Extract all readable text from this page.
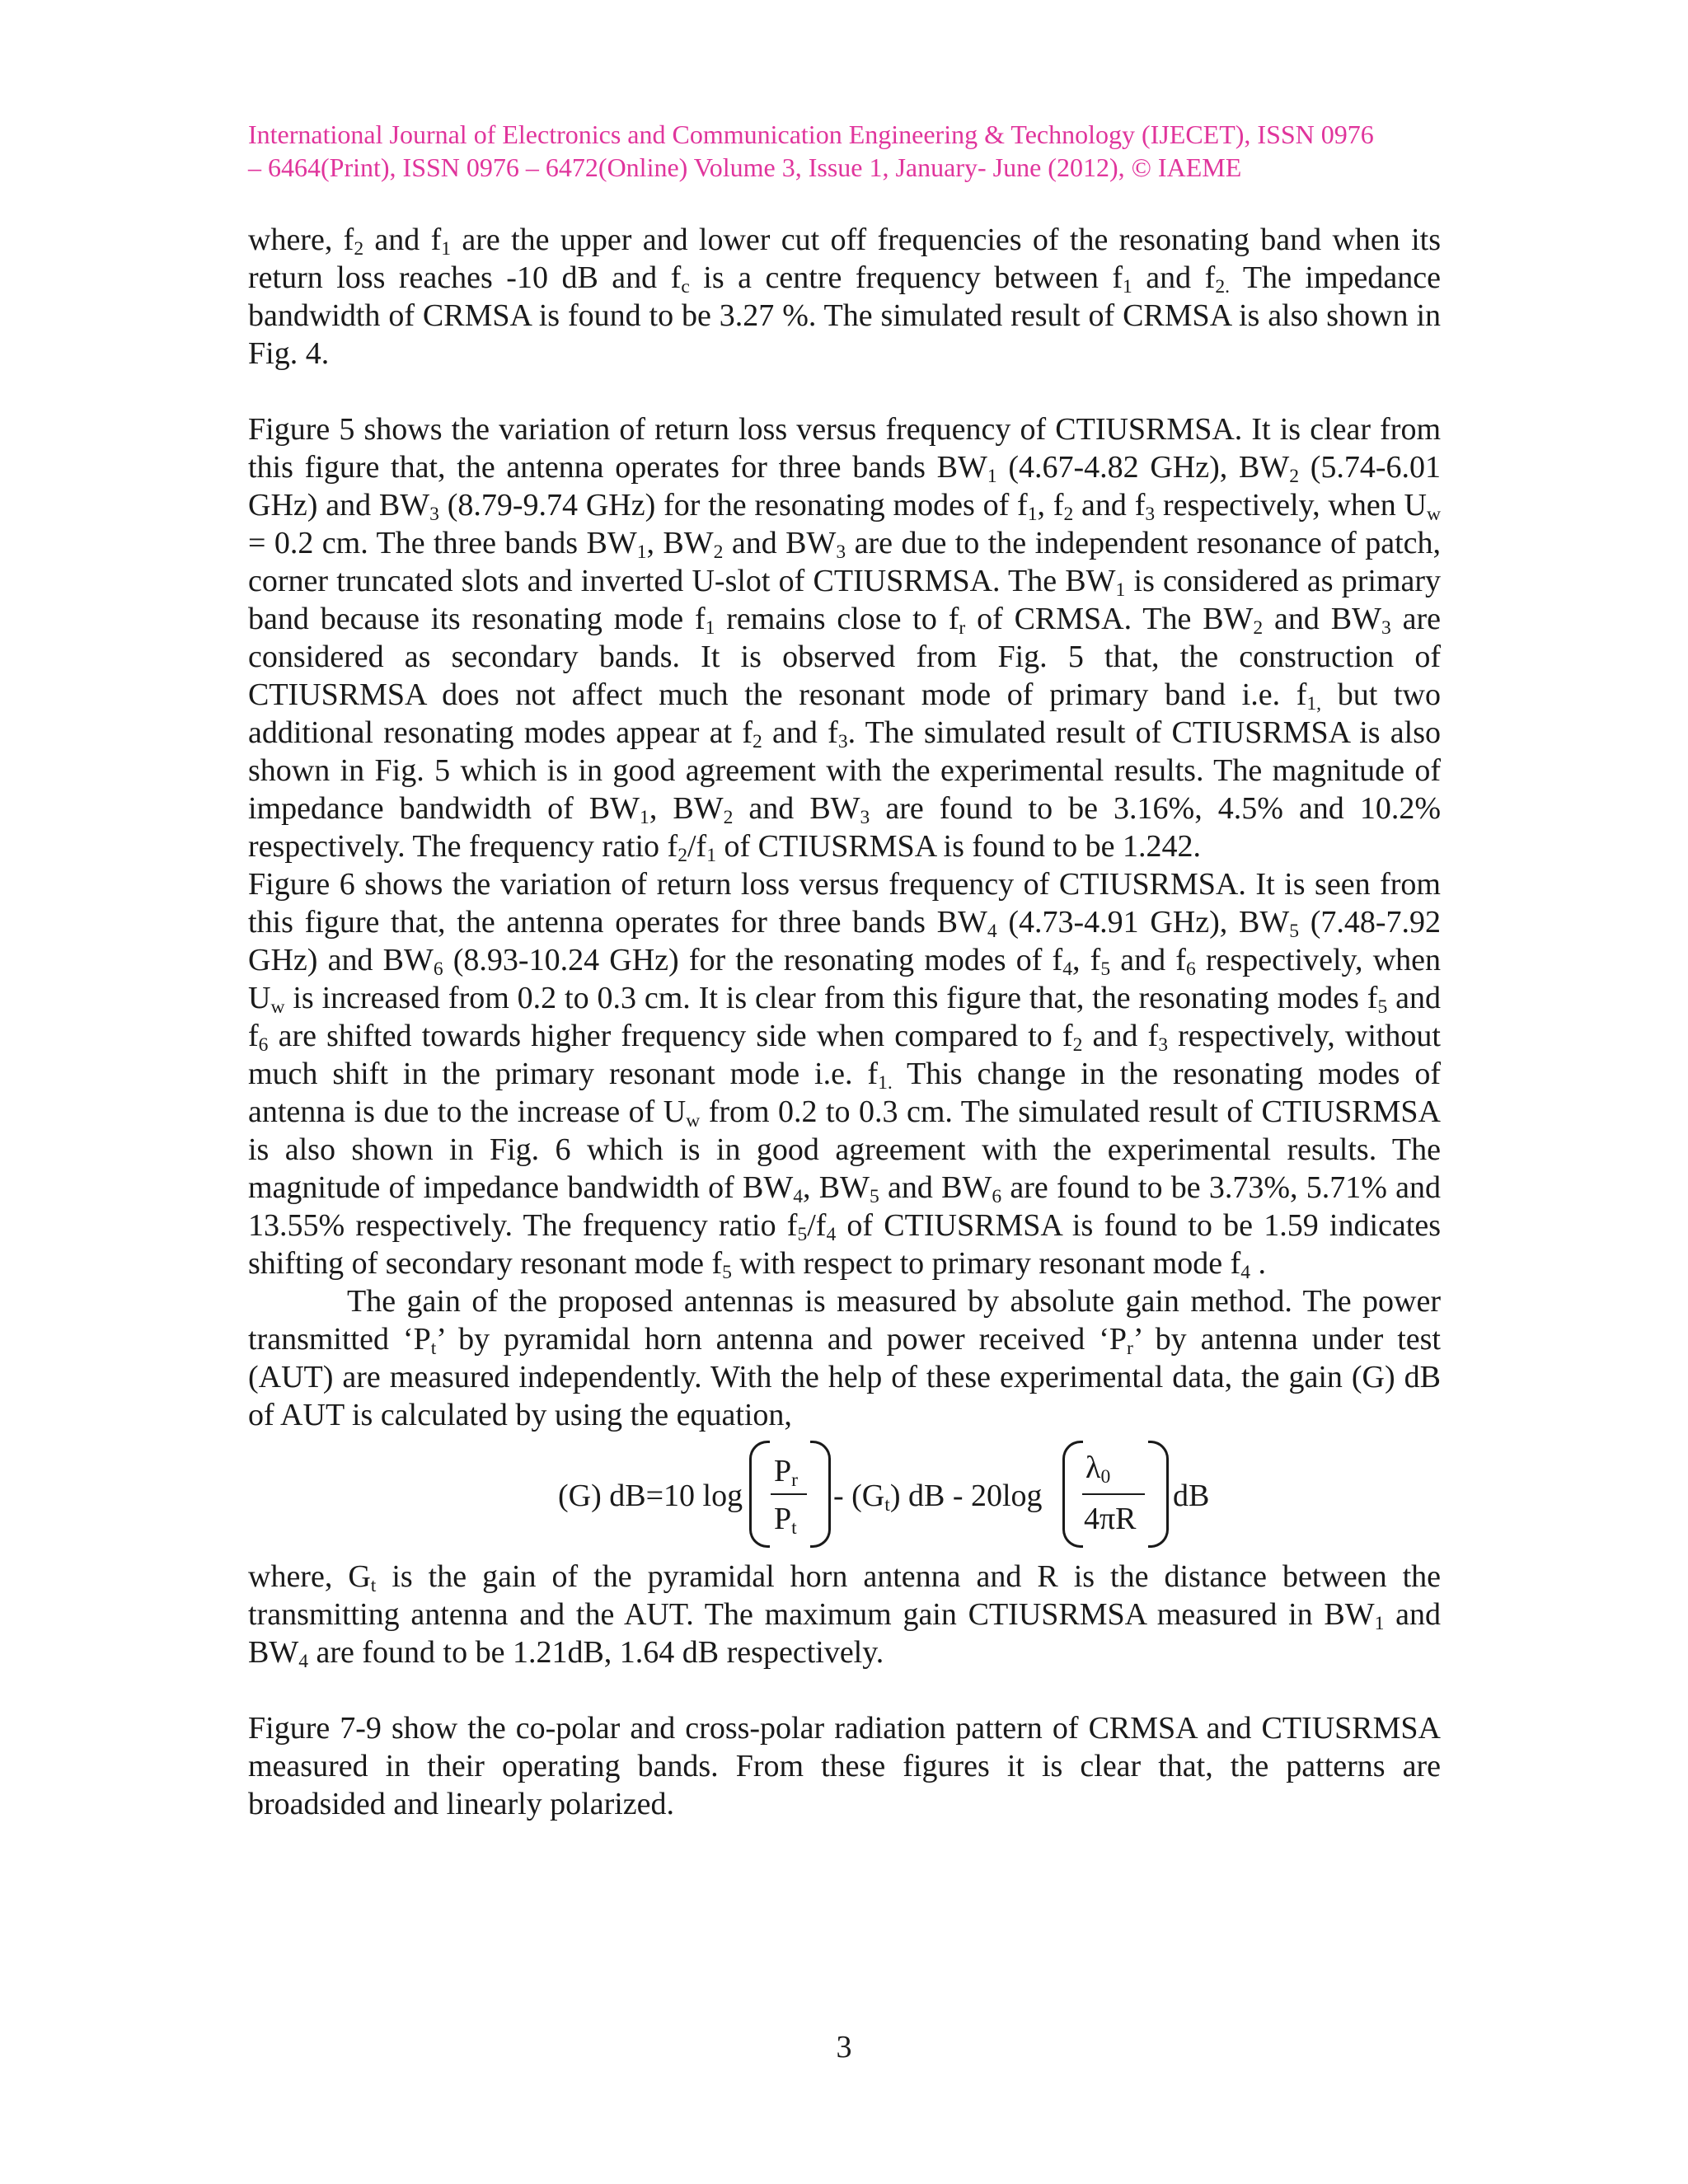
International Journal of Electronics and Communication Engineering & Technology (IJECET), ISSN 0976
– 6464(Print), ISSN 0976 – 6472(Online) Volume 3, Issue 1, January- June (2012), © IAEME

where, $f_2$ and $f_1$ are the upper and lower cut off frequencies of the resonating band when its return loss reaches -10 dB and $f_c$ is a centre frequency between $f_1$ and $f_{2.}$ The impedance bandwidth of CRMSA is found to be 3.27 %. The simulated result of CRMSA is also shown in Fig. 4.

Figure 5 shows the variation of return loss versus frequency of CTIUSRMSA. It is clear from this figure that, the antenna operates for three bands $BW_1$ (4.67-4.82 GHz), $BW_2$ (5.74-6.01 GHz) and $BW_3$ (8.79-9.74 GHz) for the resonating modes of $f_1$, $f_2$ and $f_3$ respectively, when $U_w = 0.2$ cm. The three bands $BW_1$, $BW_2$ and $BW_3$ are due to the independent resonance of patch, corner truncated slots and inverted U-slot of CTIUSRMSA. The $BW_1$ is considered as primary band because its resonating mode $f_1$ remains close to $f_r$ of CRMSA. The $BW_2$ and $BW_3$ are considered as secondary bands. It is observed from Fig. 5 that, the construction of CTIUSRMSA does not affect much the resonant mode of primary band i.e. $f_{1,}$ but two additional resonating modes appear at $f_2$ and $f_3$. The simulated result of CTIUSRMSA is also shown in Fig. 5 which is in good agreement with the experimental results. The magnitude of impedance bandwidth of $BW_1$, $BW_2$ and $BW_3$ are found to be 3.16%, 4.5% and 10.2% respectively. The frequency ratio $f_2/f_1$ of CTIUSRMSA is found to be 1.242.

Figure 6 shows the variation of return loss versus frequency of CTIUSRMSA. It is seen from this figure that, the antenna operates for three bands $BW_4$ (4.73-4.91 GHz), $BW_5$ (7.48-7.92 GHz) and $BW_6$ (8.93-10.24 GHz) for the resonating modes of $f_4$, $f_5$ and $f_6$ respectively, when $U_w$ is increased from 0.2 to 0.3 cm. It is clear from this figure that, the resonating modes $f_5$ and $f_6$ are shifted towards higher frequency side when compared to $f_2$ and $f_3$ respectively, without much shift in the primary resonant mode i.e. $f_{1.}$ This change in the resonating modes of antenna is due to the increase of $U_w$ from 0.2 to 0.3 cm. The simulated result of CTIUSRMSA is also shown in Fig. 6 which is in good agreement with the experimental results. The magnitude of impedance bandwidth of $BW_4$, $BW_5$ and $BW_6$ are found to be 3.73%, 5.71% and 13.55% respectively. The frequency ratio $f_5/f_4$ of CTIUSRMSA is found to be 1.59 indicates shifting of secondary resonant mode $f_5$ with respect to primary resonant mode $f_4$ .

The gain of the proposed antennas is measured by absolute gain method. The power transmitted ‘$P_t$’ by pyramidal horn antenna and power received ‘$P_r$’ by antenna under test (AUT) are measured independently. With the help of these experimental data, the gain (G) dB of AUT is calculated by using the equation,

(G) dB=10 log
$P_r$
$P_t$
- $(G_t)$ dB - 20log
$\lambda_0$
4πR
dB

where, $G_t$ is the gain of the pyramidal horn antenna and R is the distance between the transmitting antenna and the AUT. The maximum gain CTIUSRMSA measured in $BW_1$ and $BW_4$ are found to be 1.21dB, 1.64 dB respectively.

Figure 7-9 show the co-polar and cross-polar radiation pattern of CRMSA and CTIUSRMSA measured in their operating bands. From these figures it is clear that, the patterns are broadsided and linearly polarized.

3
